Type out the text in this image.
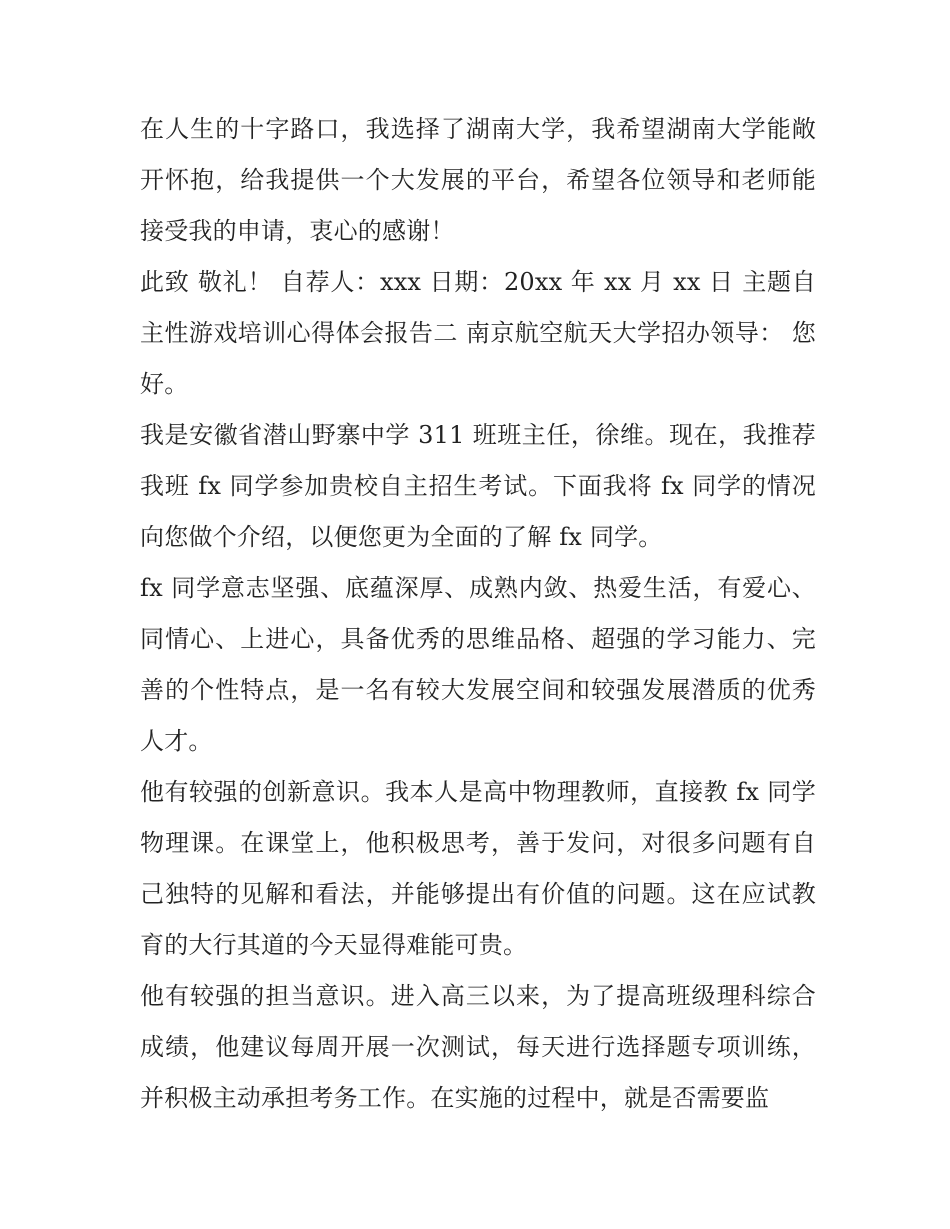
在人生的十字路口，我选择了湖南大学，我希望湖南大学能敞开怀抱，给我提供一个大发展的平台，希望各位领导和老师能接受我的申请，衷心的感谢！

此致 敬礼！ 自荐人：xxx 日期：20xx 年 xx 月 xx 日 主题自主性游戏培训心得体会报告二 南京航空航天大学招办领导： 您好。

我是安徽省潜山野寨中学 311 班班主任，徐维。现在，我推荐我班 fx 同学参加贵校自主招生考试。下面我将 fx 同学的情况向您做个介绍，以便您更为全面的了解 fx 同学。

fx 同学意志坚强、底蕴深厚、成熟内敛、热爱生活，有爱心、同情心、上进心，具备优秀的思维品格、超强的学习能力、完善的个性特点，是一名有较大发展空间和较强发展潜质的优秀人才。

他有较强的创新意识。我本人是高中物理教师，直接教 fx 同学物理课。在课堂上，他积极思考，善于发问，对很多问题有自己独特的见解和看法，并能够提出有价值的问题。这在应试教育的大行其道的今天显得难能可贵。

他有较强的担当意识。进入高三以来，为了提高班级理科综合成绩，他建议每周开展一次测试，每天进行选择题专项训练，并积极主动承担考务工作。在实施的过程中，就是否需要监
